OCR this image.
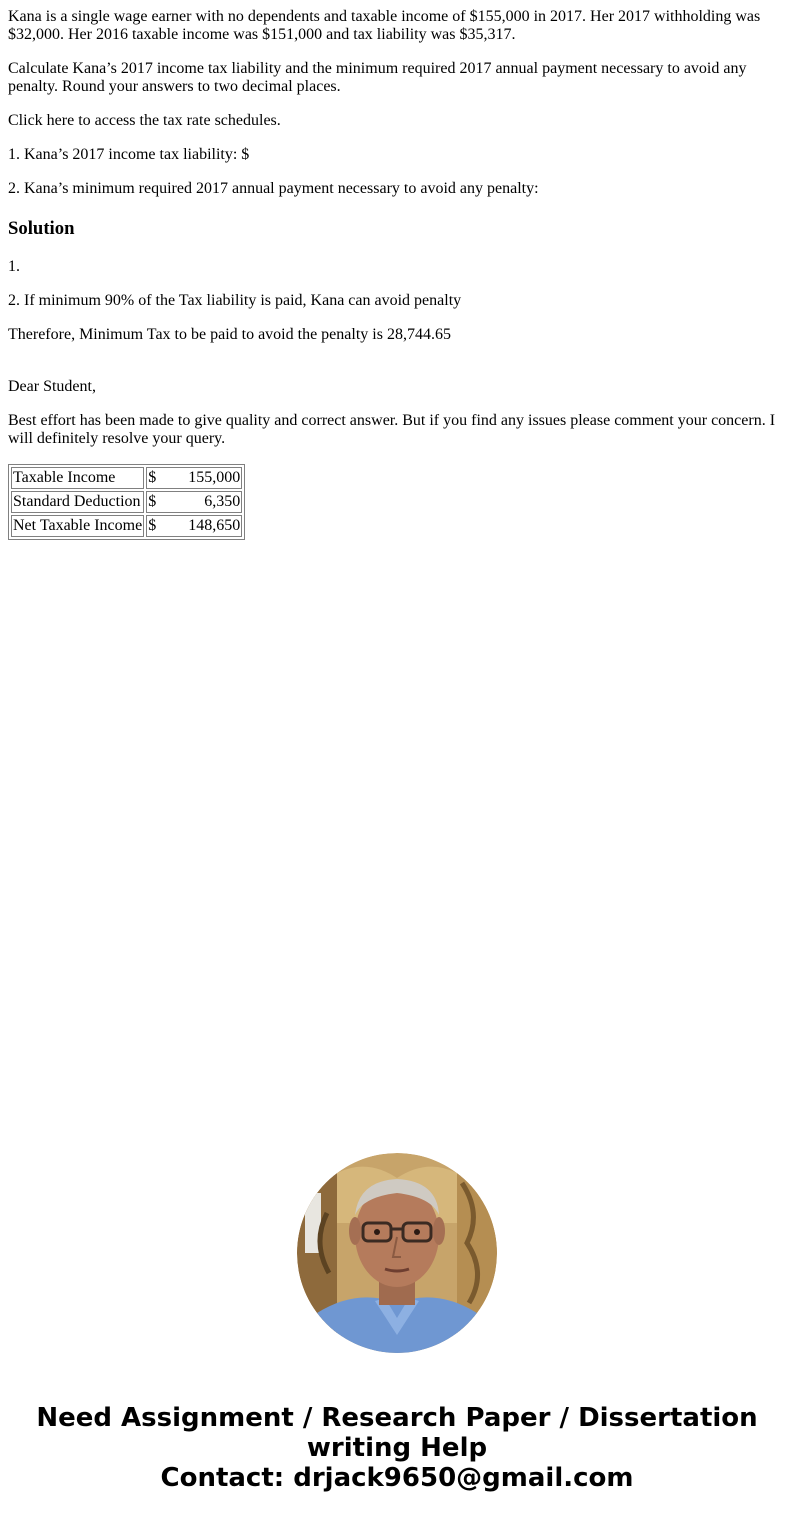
Kana is a single wage earner with no dependents and taxable income of $155,000 in 2017. Her 2017 withholding was $32,000. Her 2016 taxable income was $151,000 and tax liability was $35,317.

Calculate Kana’s 2017 income tax liability and the minimum required 2017 annual payment necessary to avoid any penalty. Round your answers to two decimal places.

Click here to access the tax rate schedules.

1. Kana’s 2017 income tax liability: $

2. Kana’s minimum required 2017 annual payment necessary to avoid any penalty:

Solution

1.

2. If minimum 90% of the Tax liability is paid, Kana can avoid penalty

Therefore, Minimum Tax to be paid to avoid the penalty is 28,744.65

Dear Student,

Best effort has been made to give quality and correct answer. But if you find any issues please comment your concern. I will definitely resolve your query.

Taxable Income	$ 155,000

Standard Deduction	$	6,350

Net Taxable Income	$ 148,650
Need Assignment / Research Paper / Dissertation
writing Help
Contact: drjack9650@gmail.com
